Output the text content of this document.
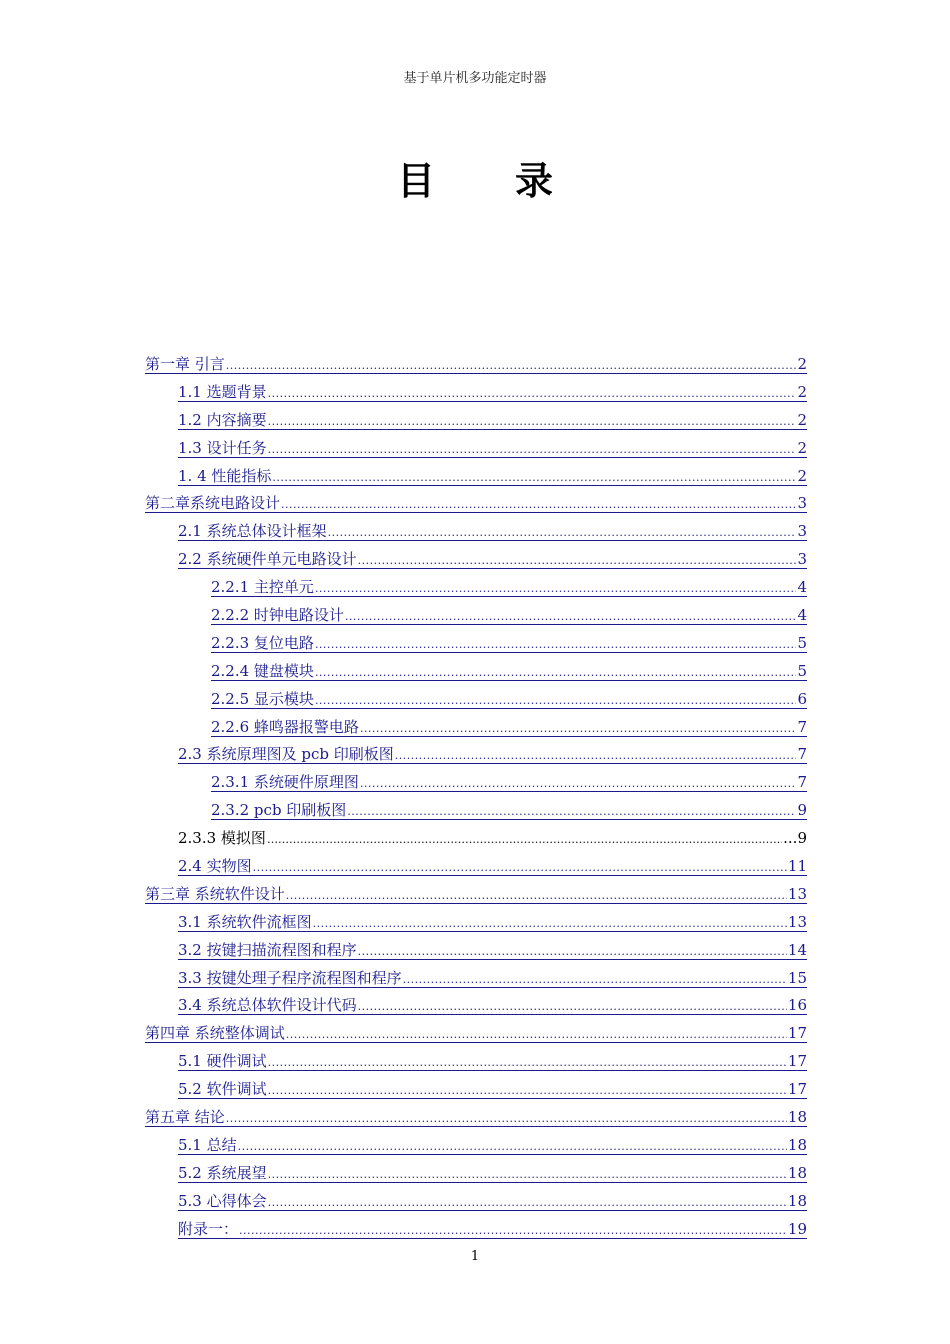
基于单片机多功能定时器
目 录
第一章 引言 .....	2
1.1 选题背景 .....	2
1.2 内容摘要 .....	2
1.3 设计任务 .....	2
1. 4 性能指标 .....	2
第二章系统电路设计 .....	3
2.1 系统总体设计框架 .....	3
2.2 系统硬件单元电路设计 .....	3
2.2.1 主控单元 .....	4
2.2.2 时钟电路设计 .....	4
2.2.3 复位电路 .....	5
2.2.4 键盘模块 .....	5
2.2.5 显示模块 .....	6
2.2.6 蜂鸣器报警电路 .....	7
2.3 系统原理图及 pcb 印刷板图 .....	7
2.3.1 系统硬件原理图 .....	7
2.3.2 pcb 印刷板图 .....	9
2.3.3 模拟图 ……………………………………………………………………………………………………………………………	...9
2.4 实物图 .....	11
第三章 系统软件设计 .....	13
3.1 系统软件流框图 .....	13
3.2 按键扫描流程图和程序 .....	14
3.3 按键处理子程序流程图和程序 .....	15
3.4 系统总体软件设计代码 .....	16
第四章 系统整体调试 .....	17
5.1 硬件调试 .....	17
5.2 软件调试 .....	17
第五章 结论 .....	18
5.1 总结 .....	18
5.2 系统展望 .....	18
5.3 心得体会 .....	18
附录一： .....	19
1
